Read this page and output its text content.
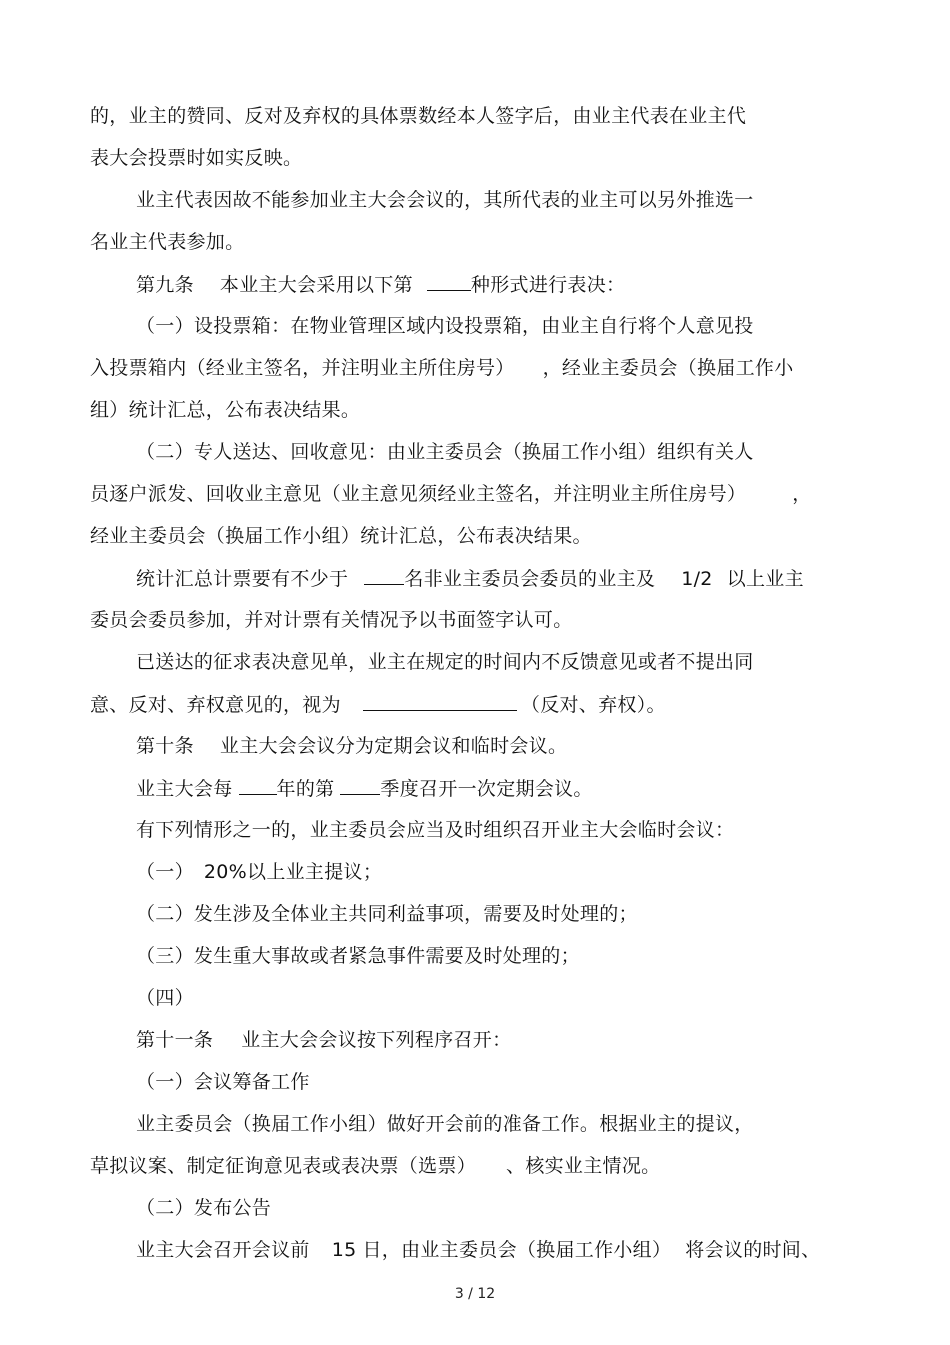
的，业主的赞同、反对及弃权的具体票数经本人签字后，由业主代表在业主代
表大会投票时如实反映。
业主代表因故不能参加业主大会会议的，其所代表的业主可以另外推选一
名业主代表参加。
第九条 本业主大会采用以下第	种形式进行表决：
（一）设投票箱：在物业管理区域内设投票箱，由业主自行将个人意见投
入投票箱内（经业主签名，并注明业主所住房号） ，经业主委员会（换届工作小
组）统计汇总，公布表决结果。
（二）专人送达、回收意见：由业主委员会（换届工作小组）组织有关人
员逐户派发、回收业主意见（业主意见须经业主签名，并注明业主所住房号） ，
经业主委员会（换届工作小组）统计汇总，公布表决结果。
统计汇总计票要有不少于	名非业主委员会委员的业主及 1/2 以上业主
委员会委员参加，并对计票有关情况予以书面签字认可。
已送达的征求表决意见单，业主在规定的时间内不反馈意见或者不提出同
意、反对、弃权意见的，视为	（反对、弃权）。
第十条 业主大会会议分为定期会议和临时会议。
业主大会每 年的第 季度召开一次定期会议。
有下列情形之一的，业主委员会应当及时组织召开业主大会临时会议：
（一） 20%以上业主提议；
（二）发生涉及全体业主共同利益事项，需要及时处理的；
（三）发生重大事故或者紧急事件需要及时处理的；
（四）
第十一条 业主大会会议按下列程序召开：
（一）会议筹备工作
业主委员会（换届工作小组）做好开会前的准备工作。根据业主的提议，
草拟议案、制定征询意见表或表决票（选票） 、核实业主情况。
（二）发布公告
业主大会召开会议前 15 日，由业主委员会（换届工作小组） 将会议的时间、
3 / 12
